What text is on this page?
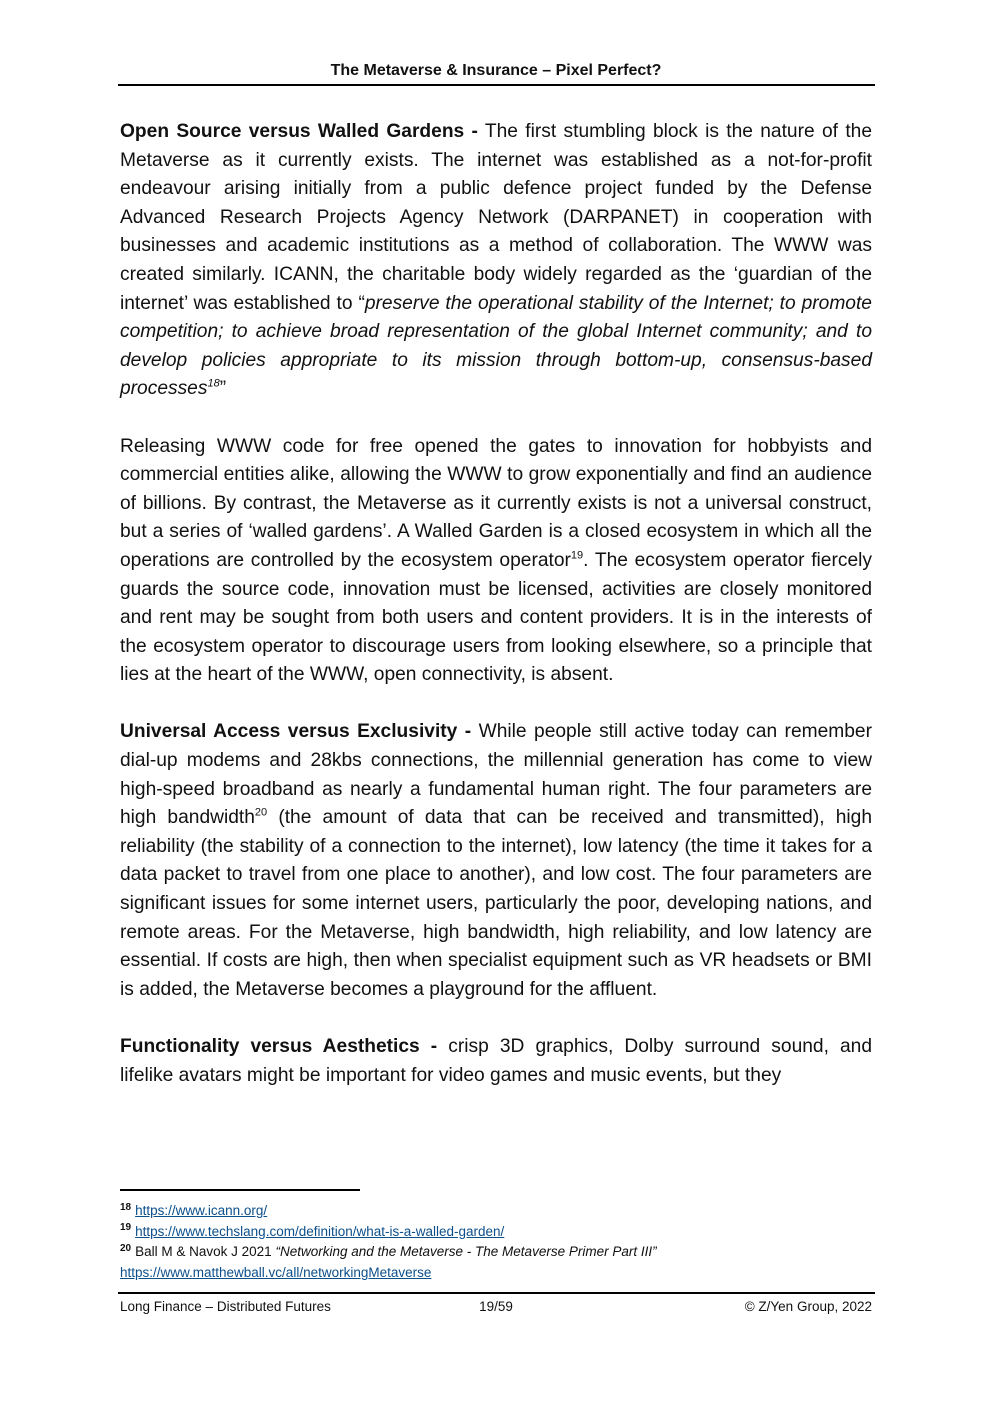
The Metaverse & Insurance – Pixel Perfect?

Open Source versus Walled Gardens - The first stumbling block is the nature of the Metaverse as it currently exists. The internet was established as a not-for-profit endeavour arising initially from a public defence project funded by the Defense Advanced Research Projects Agency Network (DARPANET) in cooperation with businesses and academic institutions as a method of collaboration. The WWW was created similarly. ICANN, the charitable body widely regarded as the ‘guardian of the internet’ was established to “preserve the operational stability of the Internet; to promote competition; to achieve broad representation of the global Internet community; and to develop policies appropriate to its mission through bottom-up, consensus-based processes$^{18}$”

Releasing WWW code for free opened the gates to innovation for hobbyists and commercial entities alike, allowing the WWW to grow exponentially and find an audience of billions. By contrast, the Metaverse as it currently exists is not a universal construct, but a series of ‘walled gardens’. A Walled Garden is a closed ecosystem in which all the operations are controlled by the ecosystem operator$^{19}$. The ecosystem operator fiercely guards the source code, innovation must be licensed, activities are closely monitored and rent may be sought from both users and content providers. It is in the interests of the ecosystem operator to discourage users from looking elsewhere, so a principle that lies at the heart of the WWW, open connectivity, is absent.

Universal Access versus Exclusivity - While people still active today can remember dial-up modems and 28kbs connections, the millennial generation has come to view high-speed broadband as nearly a fundamental human right. The four parameters are high bandwidth$^{20}$ (the amount of data that can be received and transmitted), high reliability (the stability of a connection to the internet), low latency (the time it takes for a data packet to travel from one place to another), and low cost. The four parameters are significant issues for some internet users, particularly the poor, developing nations, and remote areas. For the Metaverse, high bandwidth, high reliability, and low latency are essential. If costs are high, then when specialist equipment such as VR headsets or BMI is added, the Metaverse becomes a playground for the affluent.

Functionality versus Aesthetics - crisp 3D graphics, Dolby surround sound, and lifelike avatars might be important for video games and music events, but they

$^{18}$ https://www.icann.org/
$^{19}$ https://www.techslang.com/definition/what-is-a-walled-garden/
$^{20}$ Ball M & Navok J 2021 “Networking and the Metaverse - The Metaverse Primer Part III”
https://www.matthewball.vc/all/networkingMetaverse
19/59
Long Finance – Distributed Futures	© Z/Yen Group, 2022
